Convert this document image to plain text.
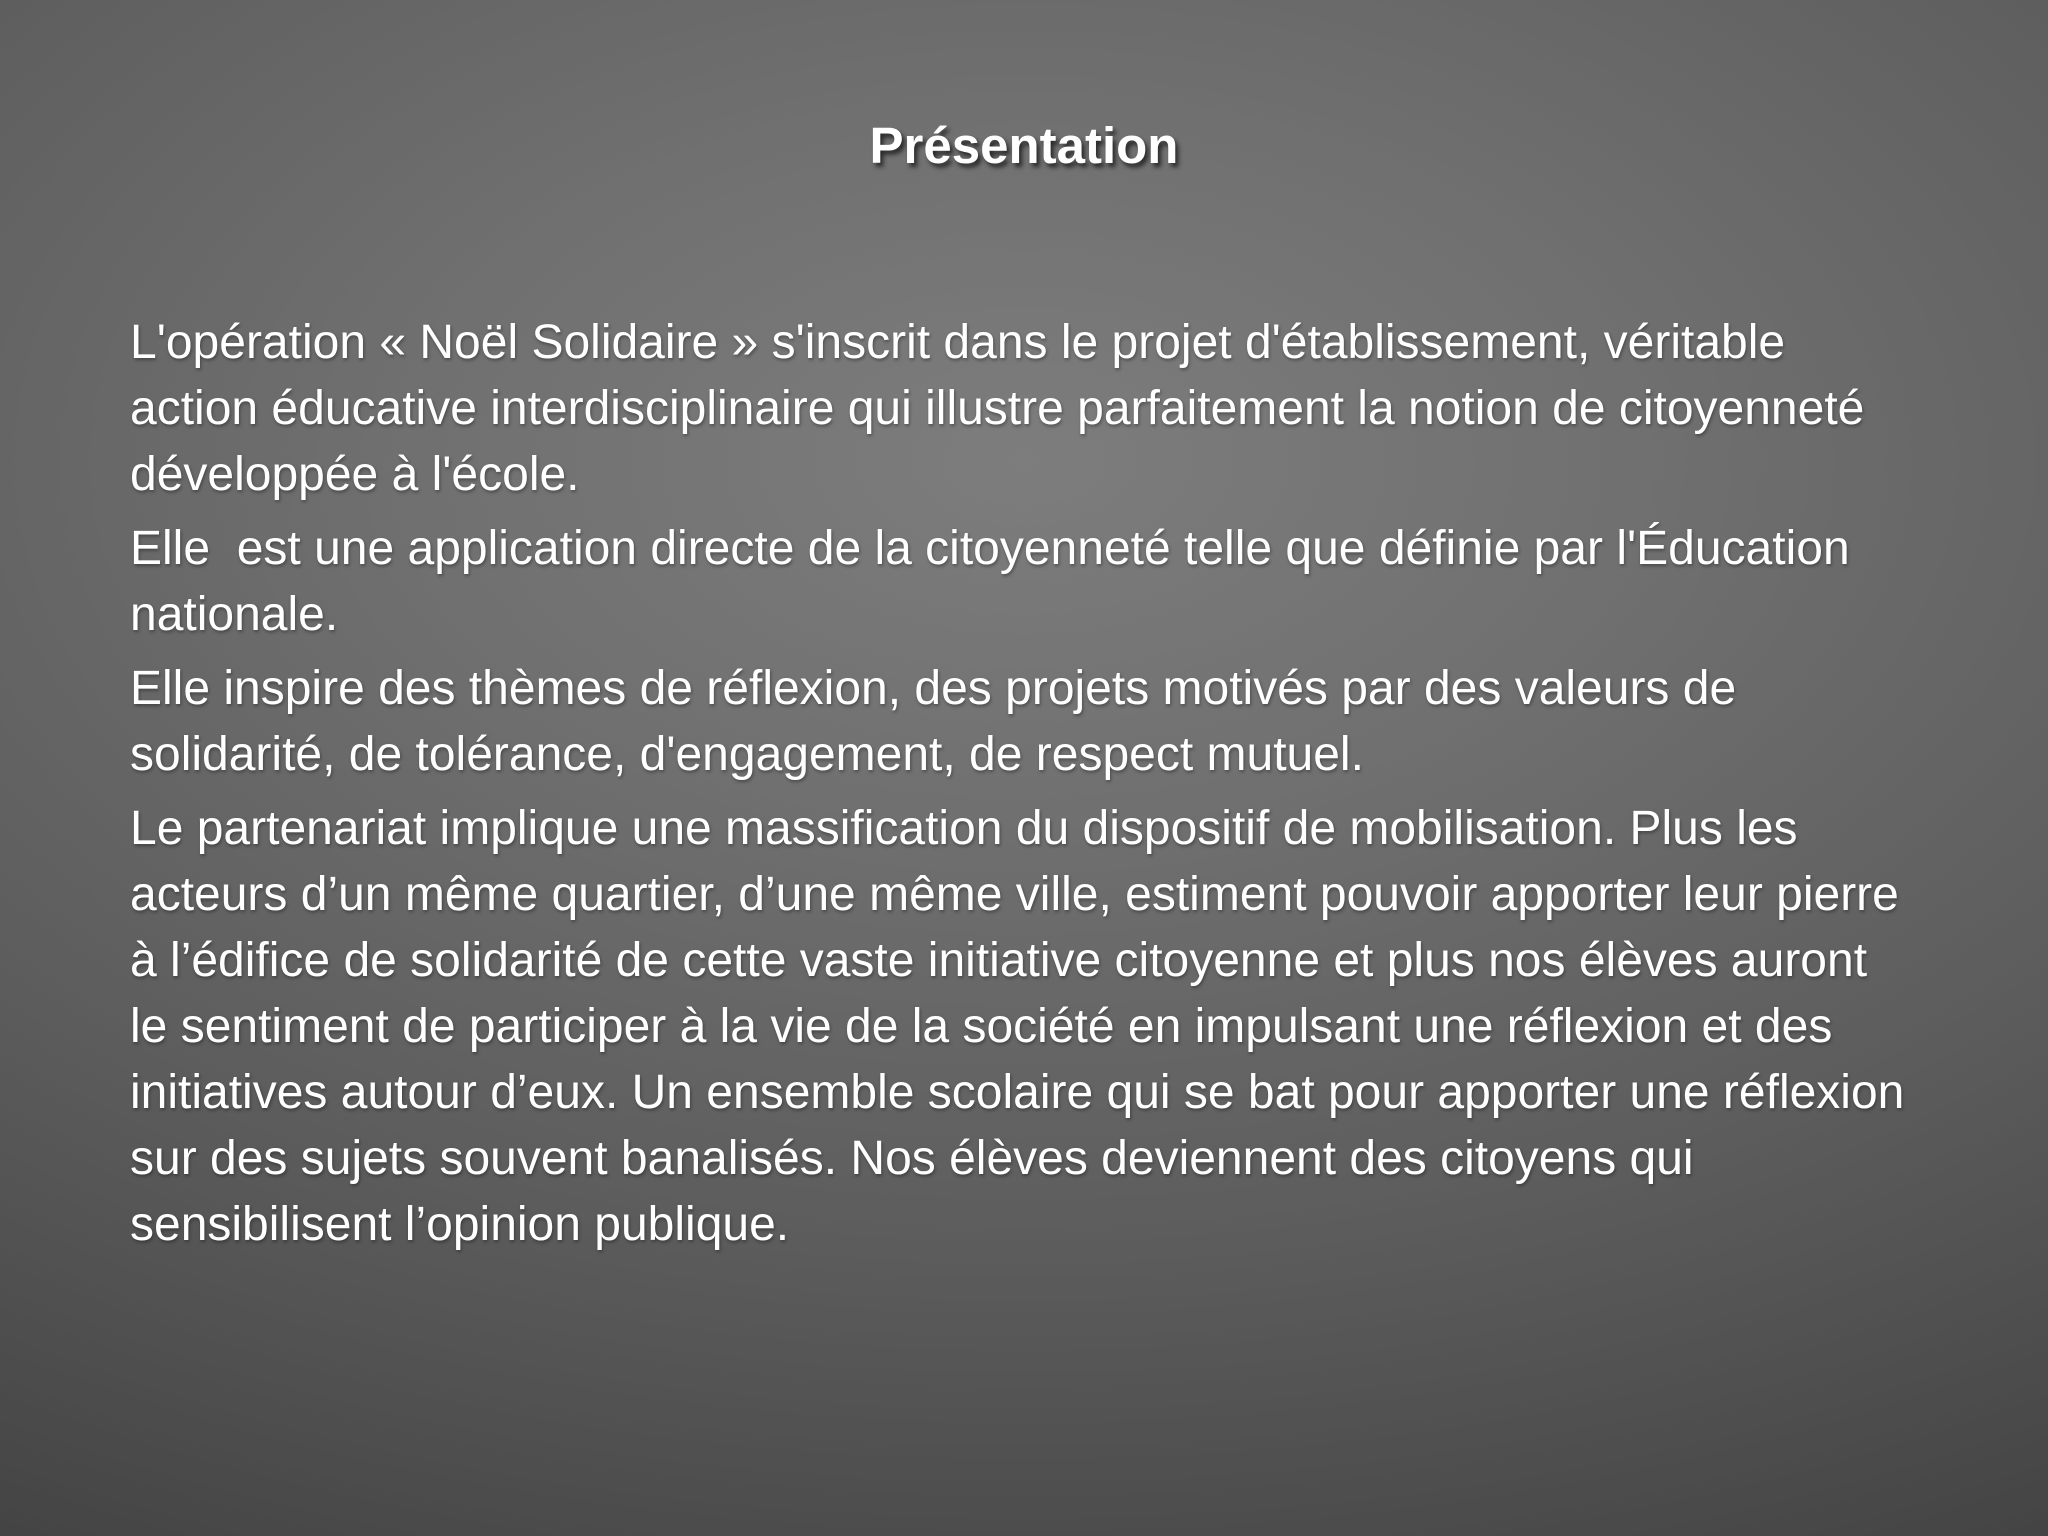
Présentation

L'opération « Noël Solidaire » s'inscrit dans le projet d'établissement, véritable action éducative interdisciplinaire qui illustre parfaitement la notion de citoyenneté développée à l'école.

Elle  est une application directe de la citoyenneté telle que définie par l'Éducation nationale.

Elle inspire des thèmes de réflexion, des projets motivés par des valeurs de solidarité, de tolérance, d'engagement, de respect mutuel.

Le partenariat implique une massification du dispositif de mobilisation. Plus les acteurs d’un même quartier, d’une même ville, estiment pouvoir apporter leur pierre à l’édifice de solidarité de cette vaste initiative citoyenne et plus nos élèves auront le sentiment de participer à la vie de la société en impulsant une réflexion et des initiatives autour d’eux. Un ensemble scolaire qui se bat pour apporter une réflexion sur des sujets souvent banalisés. Nos élèves deviennent des citoyens qui sensibilisent l’opinion publique.
